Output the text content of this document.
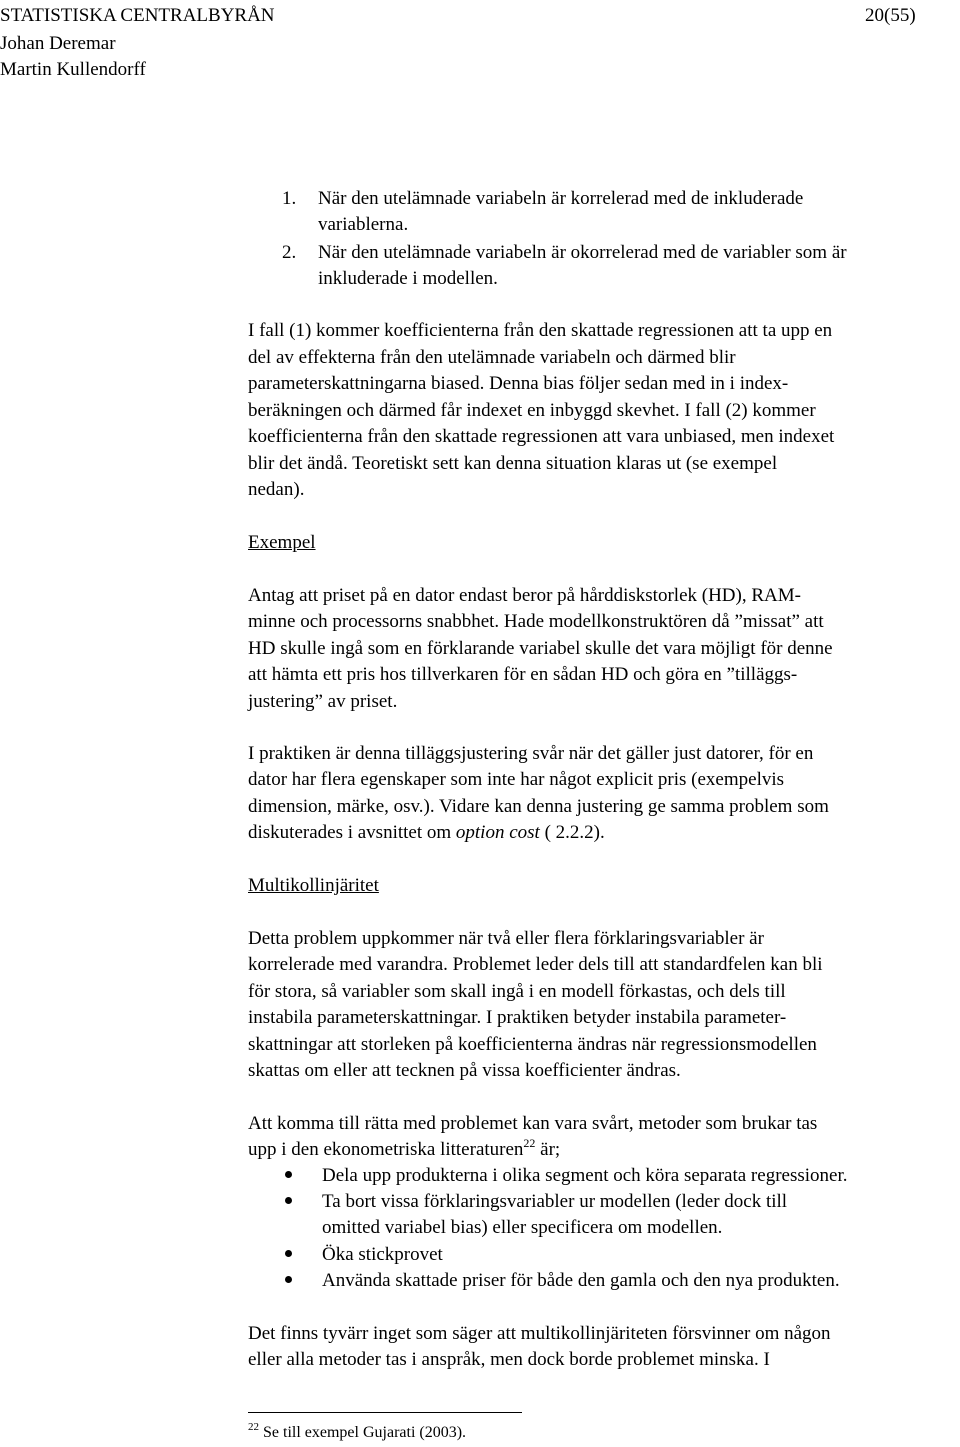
STATISTISKA CENTRALBYRÅN	20(55)
Johan Deremar
Martin Kullendorff
1. När den utelämnade variabeln är korrelerad med de inkluderade
variablerna.
2. När den utelämnade variabeln är okorrelerad med de variabler som är
inkluderade i modellen.
I fall (1) kommer koefficienterna från den skattade regressionen att ta upp en
del av effekterna från den utelämnade variabeln och därmed blir
parameterskattningarna biased. Denna bias följer sedan med in i index-
beräkningen och därmed får indexet en inbyggd skevhet. I fall (2) kommer
koefficienterna från den skattade regressionen att vara unbiased, men indexet
blir det ändå. Teoretiskt sett kan denna situation klaras ut (se exempel
nedan).
Exempel
Antag att priset på en dator endast beror på hårddiskstorlek (HD), RAM-
minne och processorns snabbhet. Hade modellkonstruktören då ”missat” att
HD skulle ingå som en förklarande variabel skulle det vara möjligt för denne
att hämta ett pris hos tillverkaren för en sådan HD och göra en ”tilläggs-
justering” av priset.
I praktiken är denna tilläggsjustering svår när det gäller just datorer, för en
dator har flera egenskaper som inte har något explicit pris (exempelvis
dimension, märke, osv.). Vidare kan denna justering ge samma problem som
diskuterades i avsnittet om option cost ( 2.2.2).
Multikollinjäritet
Detta problem uppkommer när två eller flera förklaringsvariabler är
korrelerade med varandra. Problemet leder dels till att standardfelen kan bli
för stora, så variabler som skall ingå i en modell förkastas, och dels till
instabila parameterskattningar. I praktiken betyder instabila parameter-
skattningar att storleken på koefficienterna ändras när regressionsmodellen
skattas om eller att tecknen på vissa koefficienter ändras.
Att komma till rätta med problemet kan vara svårt, metoder som brukar tas
upp i den ekonometriska litteraturen$^{22}$ är;
Dela upp produkterna i olika segment och köra separata regressioner.
Ta bort vissa förklaringsvariabler ur modellen (leder dock till
omitted variabel bias) eller specificera om modellen.
Öka stickprovet
Använda skattade priser för både den gamla och den nya produkten.
Det finns tyvärr inget som säger att multikollinjäriteten försvinner om någon
eller alla metoder tas i anspråk, men dock borde problemet minska. I
$^{22}$ Se till exempel Gujarati (2003).
